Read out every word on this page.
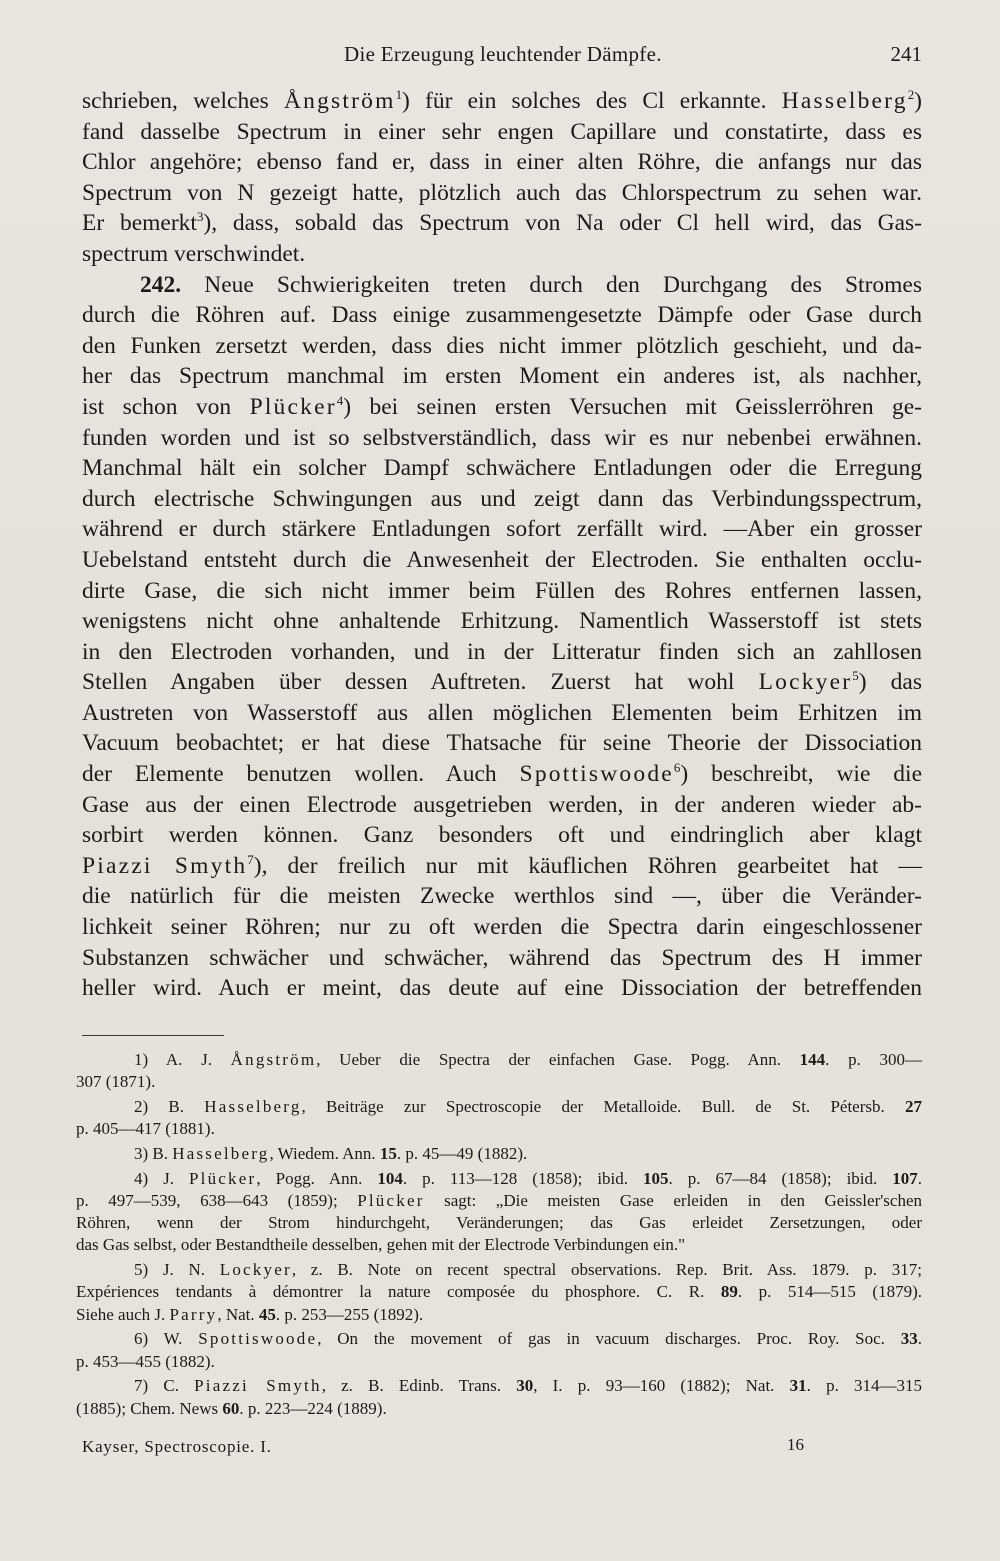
Die Erzeugung leuchtender Dämpfe.	241
schrieben, welches Ångström$^1$) für ein solches des Cl erkannte. Hasselberg$^2$)
fand dasselbe Spectrum in einer sehr engen Capillare und constatirte, dass es
Chlor angehöre; ebenso fand er, dass in einer alten Röhre, die anfangs nur das
Spectrum von N gezeigt hatte, plötzlich auch das Chlorspectrum zu sehen war.
Er bemerkt$^3$), dass, sobald das Spectrum von Na oder Cl hell wird, das Gas-
spectrum verschwindet.
242. Neue Schwierigkeiten treten durch den Durchgang des Stromes
durch die Röhren auf. Dass einige zusammengesetzte Dämpfe oder Gase durch
den Funken zersetzt werden, dass dies nicht immer plötzlich geschieht, und da-
her das Spectrum manchmal im ersten Moment ein anderes ist, als nachher,
ist schon von Plücker$^4$) bei seinen ersten Versuchen mit Geisslerröhren ge-
funden worden und ist so selbstverständlich, dass wir es nur nebenbei erwähnen.
Manchmal hält ein solcher Dampf schwächere Entladungen oder die Erregung
durch electrische Schwingungen aus und zeigt dann das Verbindungsspectrum,
während er durch stärkere Entladungen sofort zerfällt wird. —Aber ein grosser
Uebelstand entsteht durch die Anwesenheit der Electroden. Sie enthalten occlu-
dirte Gase, die sich nicht immer beim Füllen des Rohres entfernen lassen,
wenigstens nicht ohne anhaltende Erhitzung. Namentlich Wasserstoff ist stets
in den Electroden vorhanden, und in der Litteratur finden sich an zahllosen
Stellen Angaben über dessen Auftreten. Zuerst hat wohl Lockyer$^5$) das
Austreten von Wasserstoff aus allen möglichen Elementen beim Erhitzen im
Vacuum beobachtet; er hat diese Thatsache für seine Theorie der Dissociation
der Elemente benutzen wollen. Auch Spottiswoode$^6$) beschreibt, wie die
Gase aus der einen Electrode ausgetrieben werden, in der anderen wieder ab-
sorbirt werden können. Ganz besonders oft und eindringlich aber klagt
Piazzi Smyth$^7$), der freilich nur mit käuflichen Röhren gearbeitet hat —
die natürlich für die meisten Zwecke werthlos sind —, über die Veränder-
lichkeit seiner Röhren; nur zu oft werden die Spectra darin eingeschlossener
Substanzen schwächer und schwächer, während das Spectrum des H immer
heller wird. Auch er meint, das deute auf eine Dissociation der betreffenden
1) A. J. Ångström, Ueber die Spectra der einfachen Gase. Pogg. Ann. 144. p. 300—
307 (1871).
2) B. Hasselberg, Beiträge zur Spectroscopie der Metalloide. Bull. de St. Pétersb. 27
p. 405—417 (1881).
3) B. Hasselberg, Wiedem. Ann. 15. p. 45—49 (1882).
4) J. Plücker, Pogg. Ann. 104. p. 113—128 (1858); ibid. 105. p. 67—84 (1858); ibid. 107.
p. 497—539, 638—643 (1859); Plücker sagt: „Die meisten Gase erleiden in den Geissler'schen
Röhren, wenn der Strom hindurchgeht, Veränderungen; das Gas erleidet Zersetzungen, oder
das Gas selbst, oder Bestandtheile desselben, gehen mit der Electrode Verbindungen ein."
5) J. N. Lockyer, z. B. Note on recent spectral observations. Rep. Brit. Ass. 1879. p. 317;
Expériences tendants à démontrer la nature composée du phosphore. C. R. 89. p. 514—515 (1879).
Siehe auch J. Parry, Nat. 45. p. 253—255 (1892).
6) W. Spottiswoode, On the movement of gas in vacuum discharges. Proc. Roy. Soc. 33.
p. 453—455 (1882).
7) C. Piazzi Smyth, z. B. Edinb. Trans. 30, I. p. 93—160 (1882); Nat. 31. p. 314—315
(1885); Chem. News 60. p. 223—224 (1889).
Kayser, Spectroscopie. I.	16
